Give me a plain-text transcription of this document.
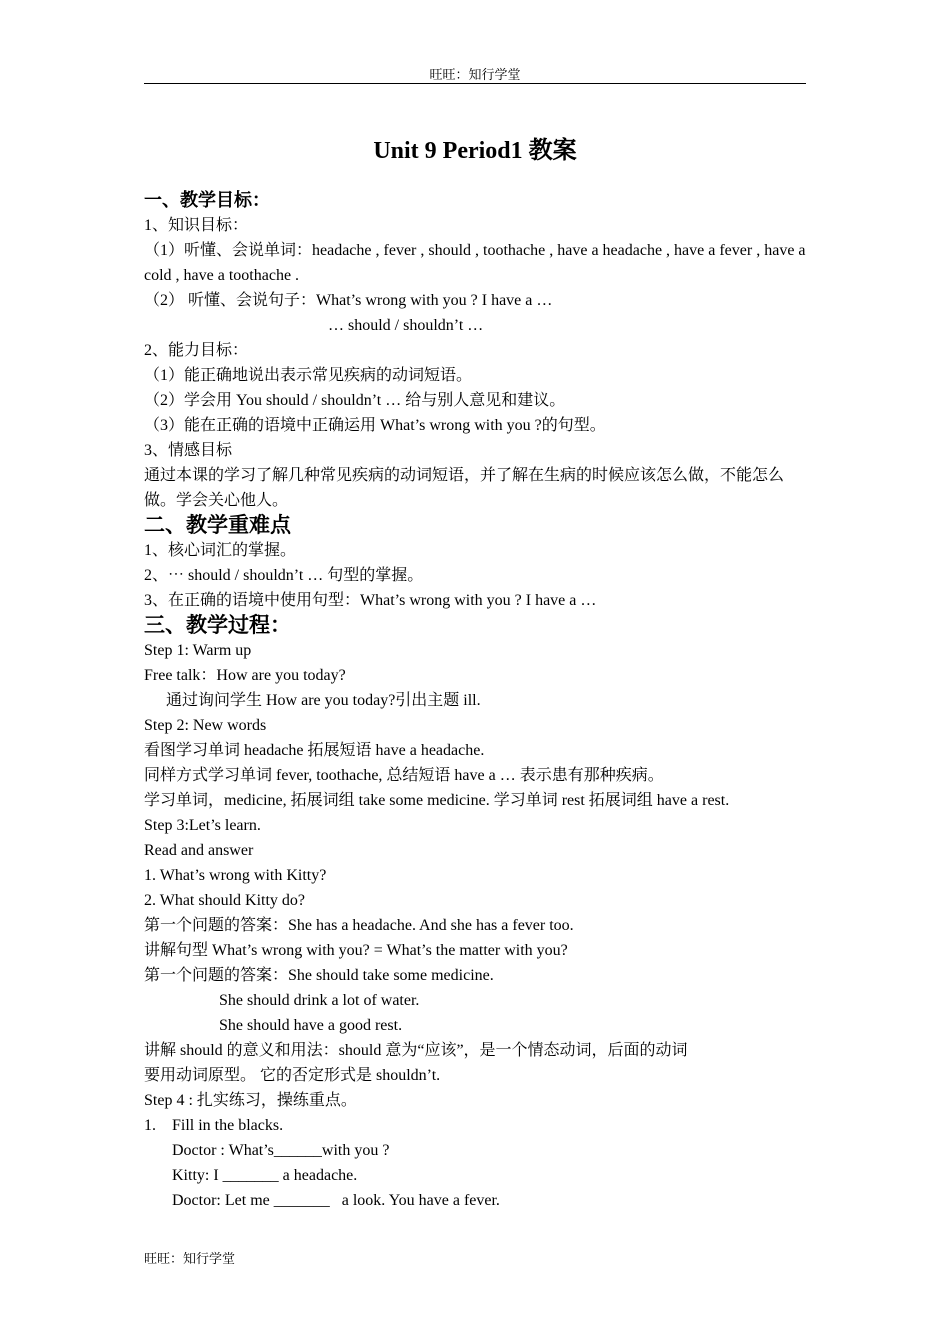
旺旺：知行学堂
Unit 9 Period1 教案
一、教学目标：
1、知识目标：
（1）听懂、会说单词：headache , fever , should , toothache , have a headache , have a fever , have a cold , have a toothache .
（2） 听懂、会说句子：What’s wrong with you ? I have a …
… should / shouldn’t …
2、能力目标：
（1）能正确地说出表示常见疾病的动词短语。
（2）学会用 You should / shouldn’t … 给与别人意见和建议。
（3）能在正确的语境中正确运用 What’s wrong with you ?的句型。
3、情感目标
通过本课的学习了解几种常见疾病的动词短语，并了解在生病的时候应该怎么做，不能怎么做。学会关心他人。
二、教学重难点
1、核心词汇的掌握。
2、⋯ should / shouldn’t … 句型的掌握。
3、在正确的语境中使用句型：What’s wrong with you ? I have a …
三、教学过程：
Step 1: Warm up
Free talk：How are you today?
通过询问学生 How are you today?引出主题 ill.
Step 2: New words
看图学习单词 headache 拓展短语 have a headache.
同样方式学习单词 fever, toothache, 总结短语 have a … 表示患有那种疾病。
学习单词，medicine, 拓展词组 take some medicine. 学习单词 rest 拓展词组 have a rest.
Step 3:Let’s learn.
Read and answer
1. What’s wrong with Kitty?
2. What should Kitty do?
第一个问题的答案：She has a headache. And she has a fever too.
讲解句型 What’s wrong with you? = What’s the matter with you?
第一个问题的答案：She should take some medicine.
She should drink a lot of water.
She should have a good rest.
讲解 should 的意义和用法：should 意为“应该”，是一个情态动词，后面的动词
要用动词原型。 它的否定形式是 shouldn’t.
Step 4 : 扎实练习，操练重点。
1.    Fill in the blacks.
Doctor : What’s______with you ?
Kitty: I _______ a headache.
Doctor: Let me _______   a look. You have a fever.
旺旺：知行学堂
